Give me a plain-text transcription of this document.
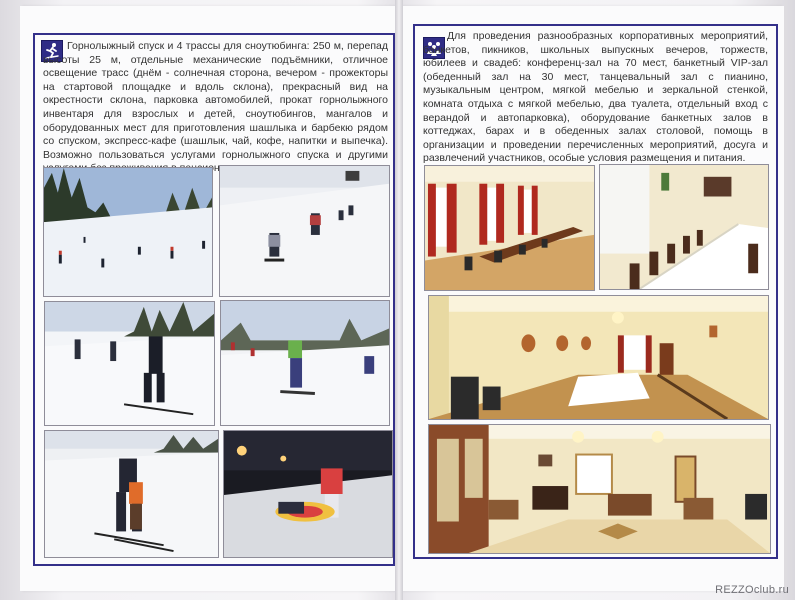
Горнолыжный спуск и 4 трассы для сноутюбинга: 250 м, перепад высоты 25 м, отдельные механические подъёмники, отличное освещение трасс (днём - солнечная сторона, вечером - прожекторы на стартовой площадке и вдоль склона), прекрасный вид на окрестности склона, парковка автомобилей, прокат горнолыжного инвентаря для взрослых и детей, сноутюбингов, мангалов и оборудованных мест для приготовления шашлыка и барбекю рядом со спуском, экспресс-кафе (шашлык, чай, кофе, напитки и выпечка). Возможно пользоваться услугами горнолыжного спуска и другими

Для проведения разнообразных корпоративных мероприятий, банкетов, пикников, школьных выпускных вечеров, торжеств, юбилеев и свадеб: конференц-зал на 70 мест, банкетный VIP-зал (обеденный зал на 30 мест, танцевальный зал с пианино, музыкальным центром, мягкой мебелью и зеркальной стенкой, комната отдыха с мягкой мебелью, два туалета, отдельный вход с верандой и автопарковка), оборудование банкетных залов в коттеджах, барах и в обеденных залах столовой, помощь в организации и проведении перечисленных мероприятий, досуга и развлечений участников, особые условия размещения и питания.

REZZOclub.ru
